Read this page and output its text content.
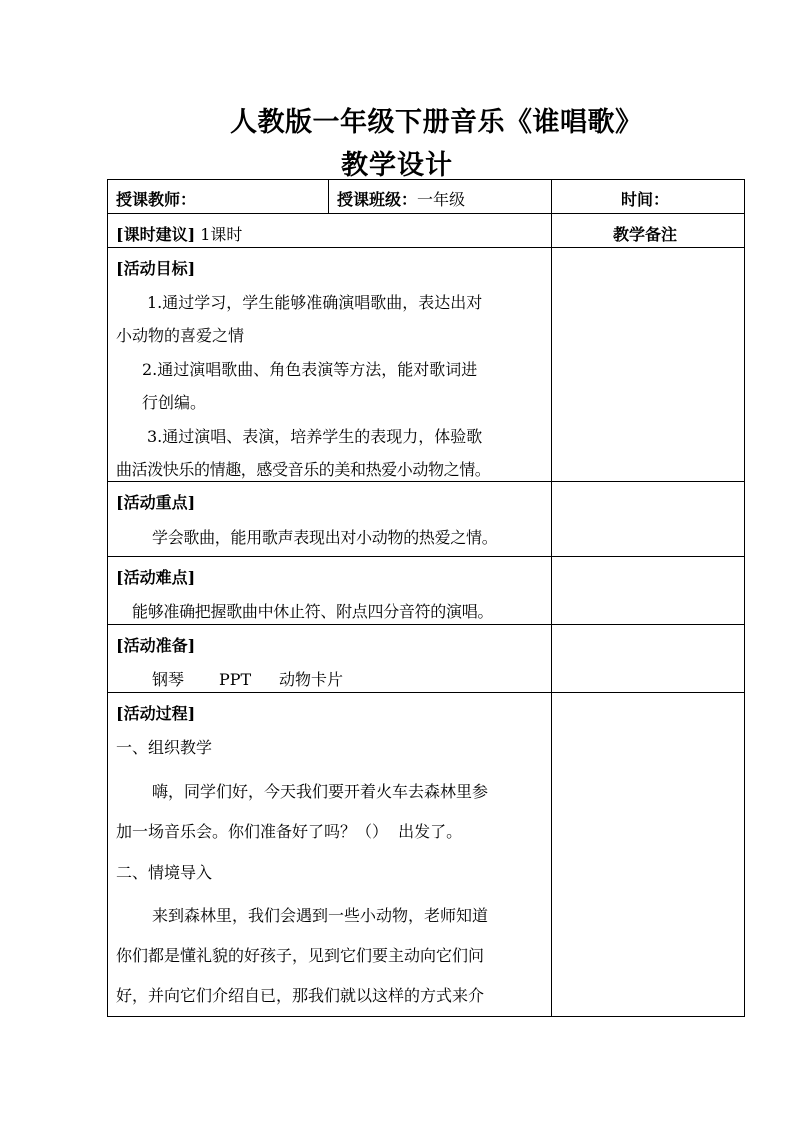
人教版一年级下册音乐《谁唱歌》
教学设计
授课教师：	授课班级：一年级	时间：
[课时建议] 1课时	教学备注
[活动目标]
1.通过学习，学生能够准确演唱歌曲，表达出对
小动物的喜爱之情
2.通过演唱歌曲、角色表演等方法，能对歌词进
行创编。
3.通过演唱、表演，培养学生的表现力，体验歌
曲活泼快乐的情趣，感受音乐的美和热爱小动物之情。
[活动重点]
学会歌曲，能用歌声表现出对小动物的热爱之情。
[活动难点]
能够准确把握歌曲中休止符、附点四分音符的演唱。
[活动准备]
钢琴 PPT 动物卡片
[活动过程]
一、组织教学
嗨，同学们好，今天我们要开着火车去森林里参
加一场音乐会。你们准备好了吗？（）  出发了。
二、情境导入
来到森林里，我们会遇到一些小动物，老师知道
你们都是懂礼貌的好孩子，见到它们要主动向它们问
好，并向它们介绍自已，那我们就以这样的方式来介
